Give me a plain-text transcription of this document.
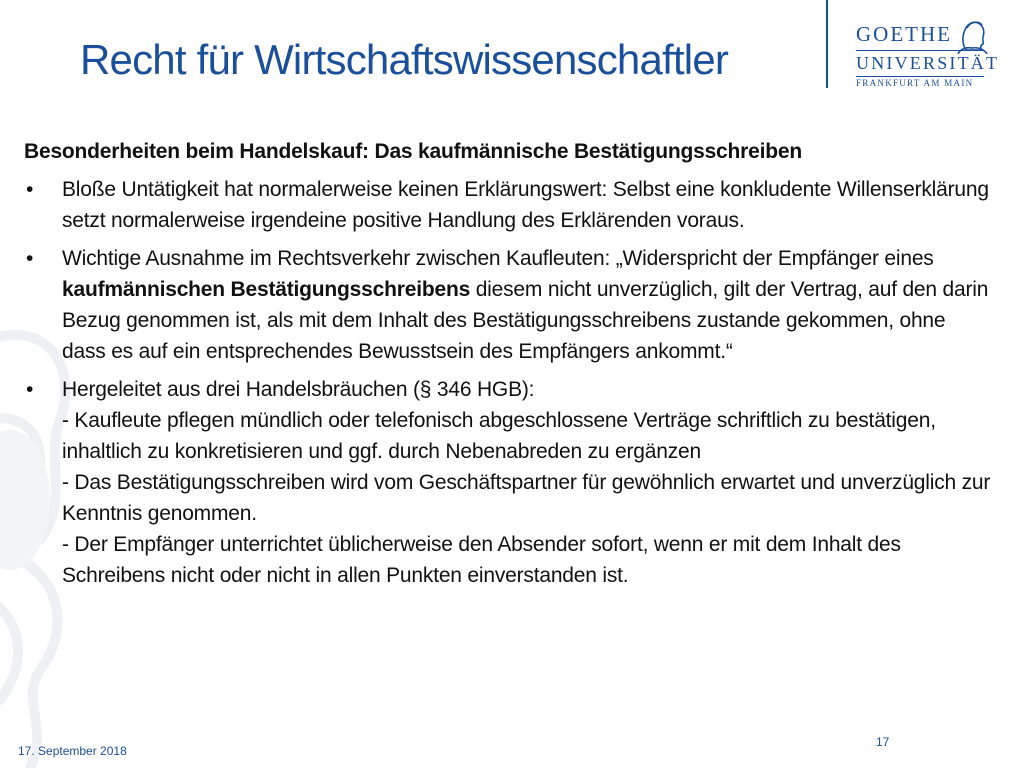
Recht für Wirtschaftswissenschaftler
GOETHE
UNIVERSITÄT
FRANKFURT AM MAIN
Besonderheiten beim Handelskauf: Das kaufmännische Bestätigungsschreiben
• Bloße Untätigkeit hat normalerweise keinen Erklärungswert: Selbst eine konkludente Willenserklärung setzt normalerweise irgendeine positive Handlung des Erklärenden voraus.
• Wichtige Ausnahme im Rechtsverkehr zwischen Kaufleuten: „Widerspricht der Empfänger eines kaufmännischen Bestätigungsschreibens diesem nicht unverzüglich, gilt der Vertrag, auf den darin Bezug genommen ist, als mit dem Inhalt des Bestätigungsschreibens zustande gekommen, ohne dass es auf ein entsprechendes Bewusstsein des Empfängers ankommt.“
• Hergeleitet aus drei Handelsbräuchen (§ 346 HGB):
- Kaufleute pflegen mündlich oder telefonisch abgeschlossene Verträge schriftlich zu bestätigen, inhaltlich zu konkretisieren und ggf. durch Nebenabreden zu ergänzen
- Das Bestätigungsschreiben wird vom Geschäftspartner für gewöhnlich erwartet und unverzüglich zur Kenntnis genommen.
- Der Empfänger unterrichtet üblicherweise den Absender sofort, wenn er mit dem Inhalt des Schreibens nicht oder nicht in allen Punkten einverstanden ist.
17. September 2018
17
